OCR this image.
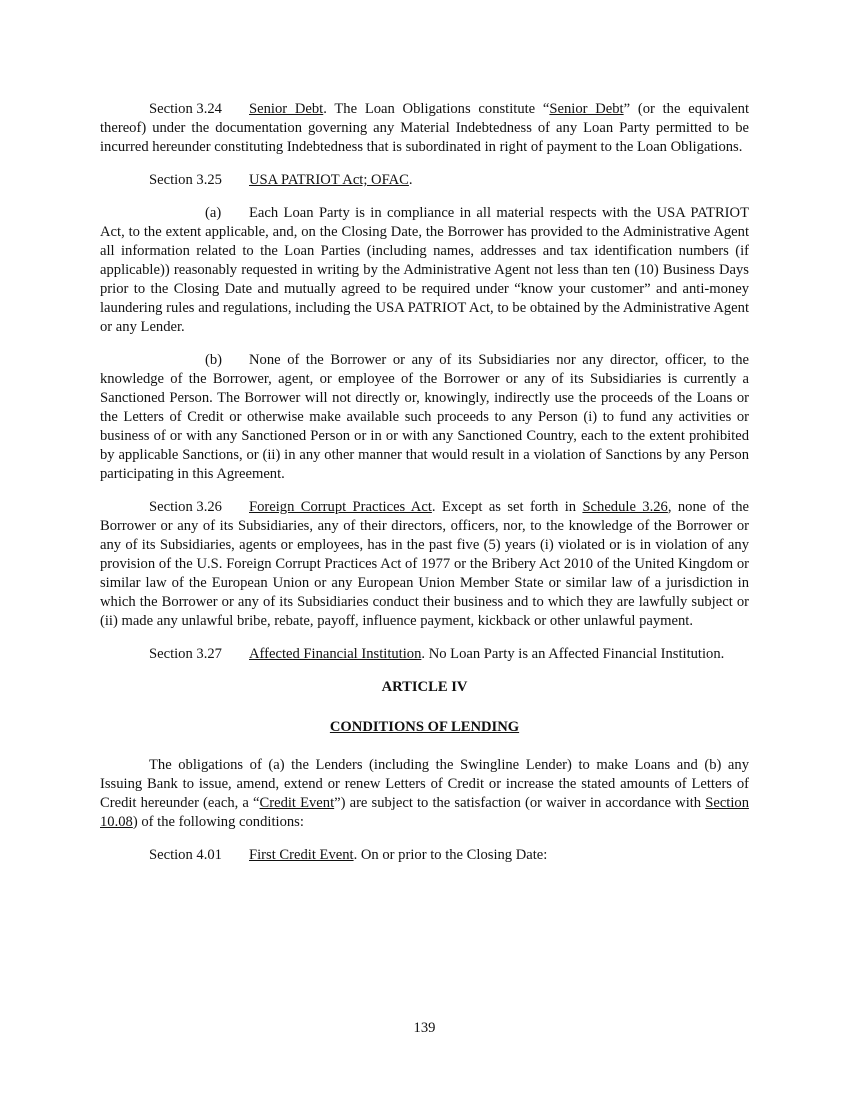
Section 3.24 Senior Debt. The Loan Obligations constitute “Senior Debt” (or the equivalent thereof) under the documentation governing any Material Indebtedness of any Loan Party permitted to be incurred hereunder constituting Indebtedness that is subordinated in right of payment to the Loan Obligations.

Section 3.25 USA PATRIOT Act; OFAC.

(a) Each Loan Party is in compliance in all material respects with the USA PATRIOT Act, to the extent applicable, and, on the Closing Date, the Borrower has provided to the Administrative Agent all information related to the Loan Parties (including names, addresses and tax identification numbers (if applicable)) reasonably requested in writing by the Administrative Agent not less than ten (10) Business Days prior to the Closing Date and mutually agreed to be required under “know your customer” and anti-money laundering rules and regulations, including the USA PATRIOT Act, to be obtained by the Administrative Agent or any Lender.

(b) None of the Borrower or any of its Subsidiaries nor any director, officer, to the knowledge of the Borrower, agent, or employee of the Borrower or any of its Subsidiaries is currently a Sanctioned Person. The Borrower will not directly or, knowingly, indirectly use the proceeds of the Loans or the Letters of Credit or otherwise make available such proceeds to any Person (i) to fund any activities or business of or with any Sanctioned Person or in or with any Sanctioned Country, each to the extent prohibited by applicable Sanctions, or (ii) in any other manner that would result in a violation of Sanctions by any Person participating in this Agreement.

Section 3.26 Foreign Corrupt Practices Act. Except as set forth in Schedule 3.26, none of the Borrower or any of its Subsidiaries, any of their directors, officers, nor, to the knowledge of the Borrower or any of its Subsidiaries, agents or employees, has in the past five (5) years (i) violated or is in violation of any provision of the U.S. Foreign Corrupt Practices Act of 1977 or the Bribery Act 2010 of the United Kingdom or similar law of the European Union or any European Union Member State or similar law of a jurisdiction in which the Borrower or any of its Subsidiaries conduct their business and to which they are lawfully subject or (ii) made any unlawful bribe, rebate, payoff, influence payment, kickback or other unlawful payment.

Section 3.27 Affected Financial Institution. No Loan Party is an Affected Financial Institution.

ARTICLE IV

CONDITIONS OF LENDING

The obligations of (a) the Lenders (including the Swingline Lender) to make Loans and (b) any Issuing Bank to issue, amend, extend or renew Letters of Credit or increase the stated amounts of Letters of Credit hereunder (each, a “Credit Event”) are subject to the satisfaction (or waiver in accordance with Section 10.08) of the following conditions:

Section 4.01 First Credit Event. On or prior to the Closing Date:

139
